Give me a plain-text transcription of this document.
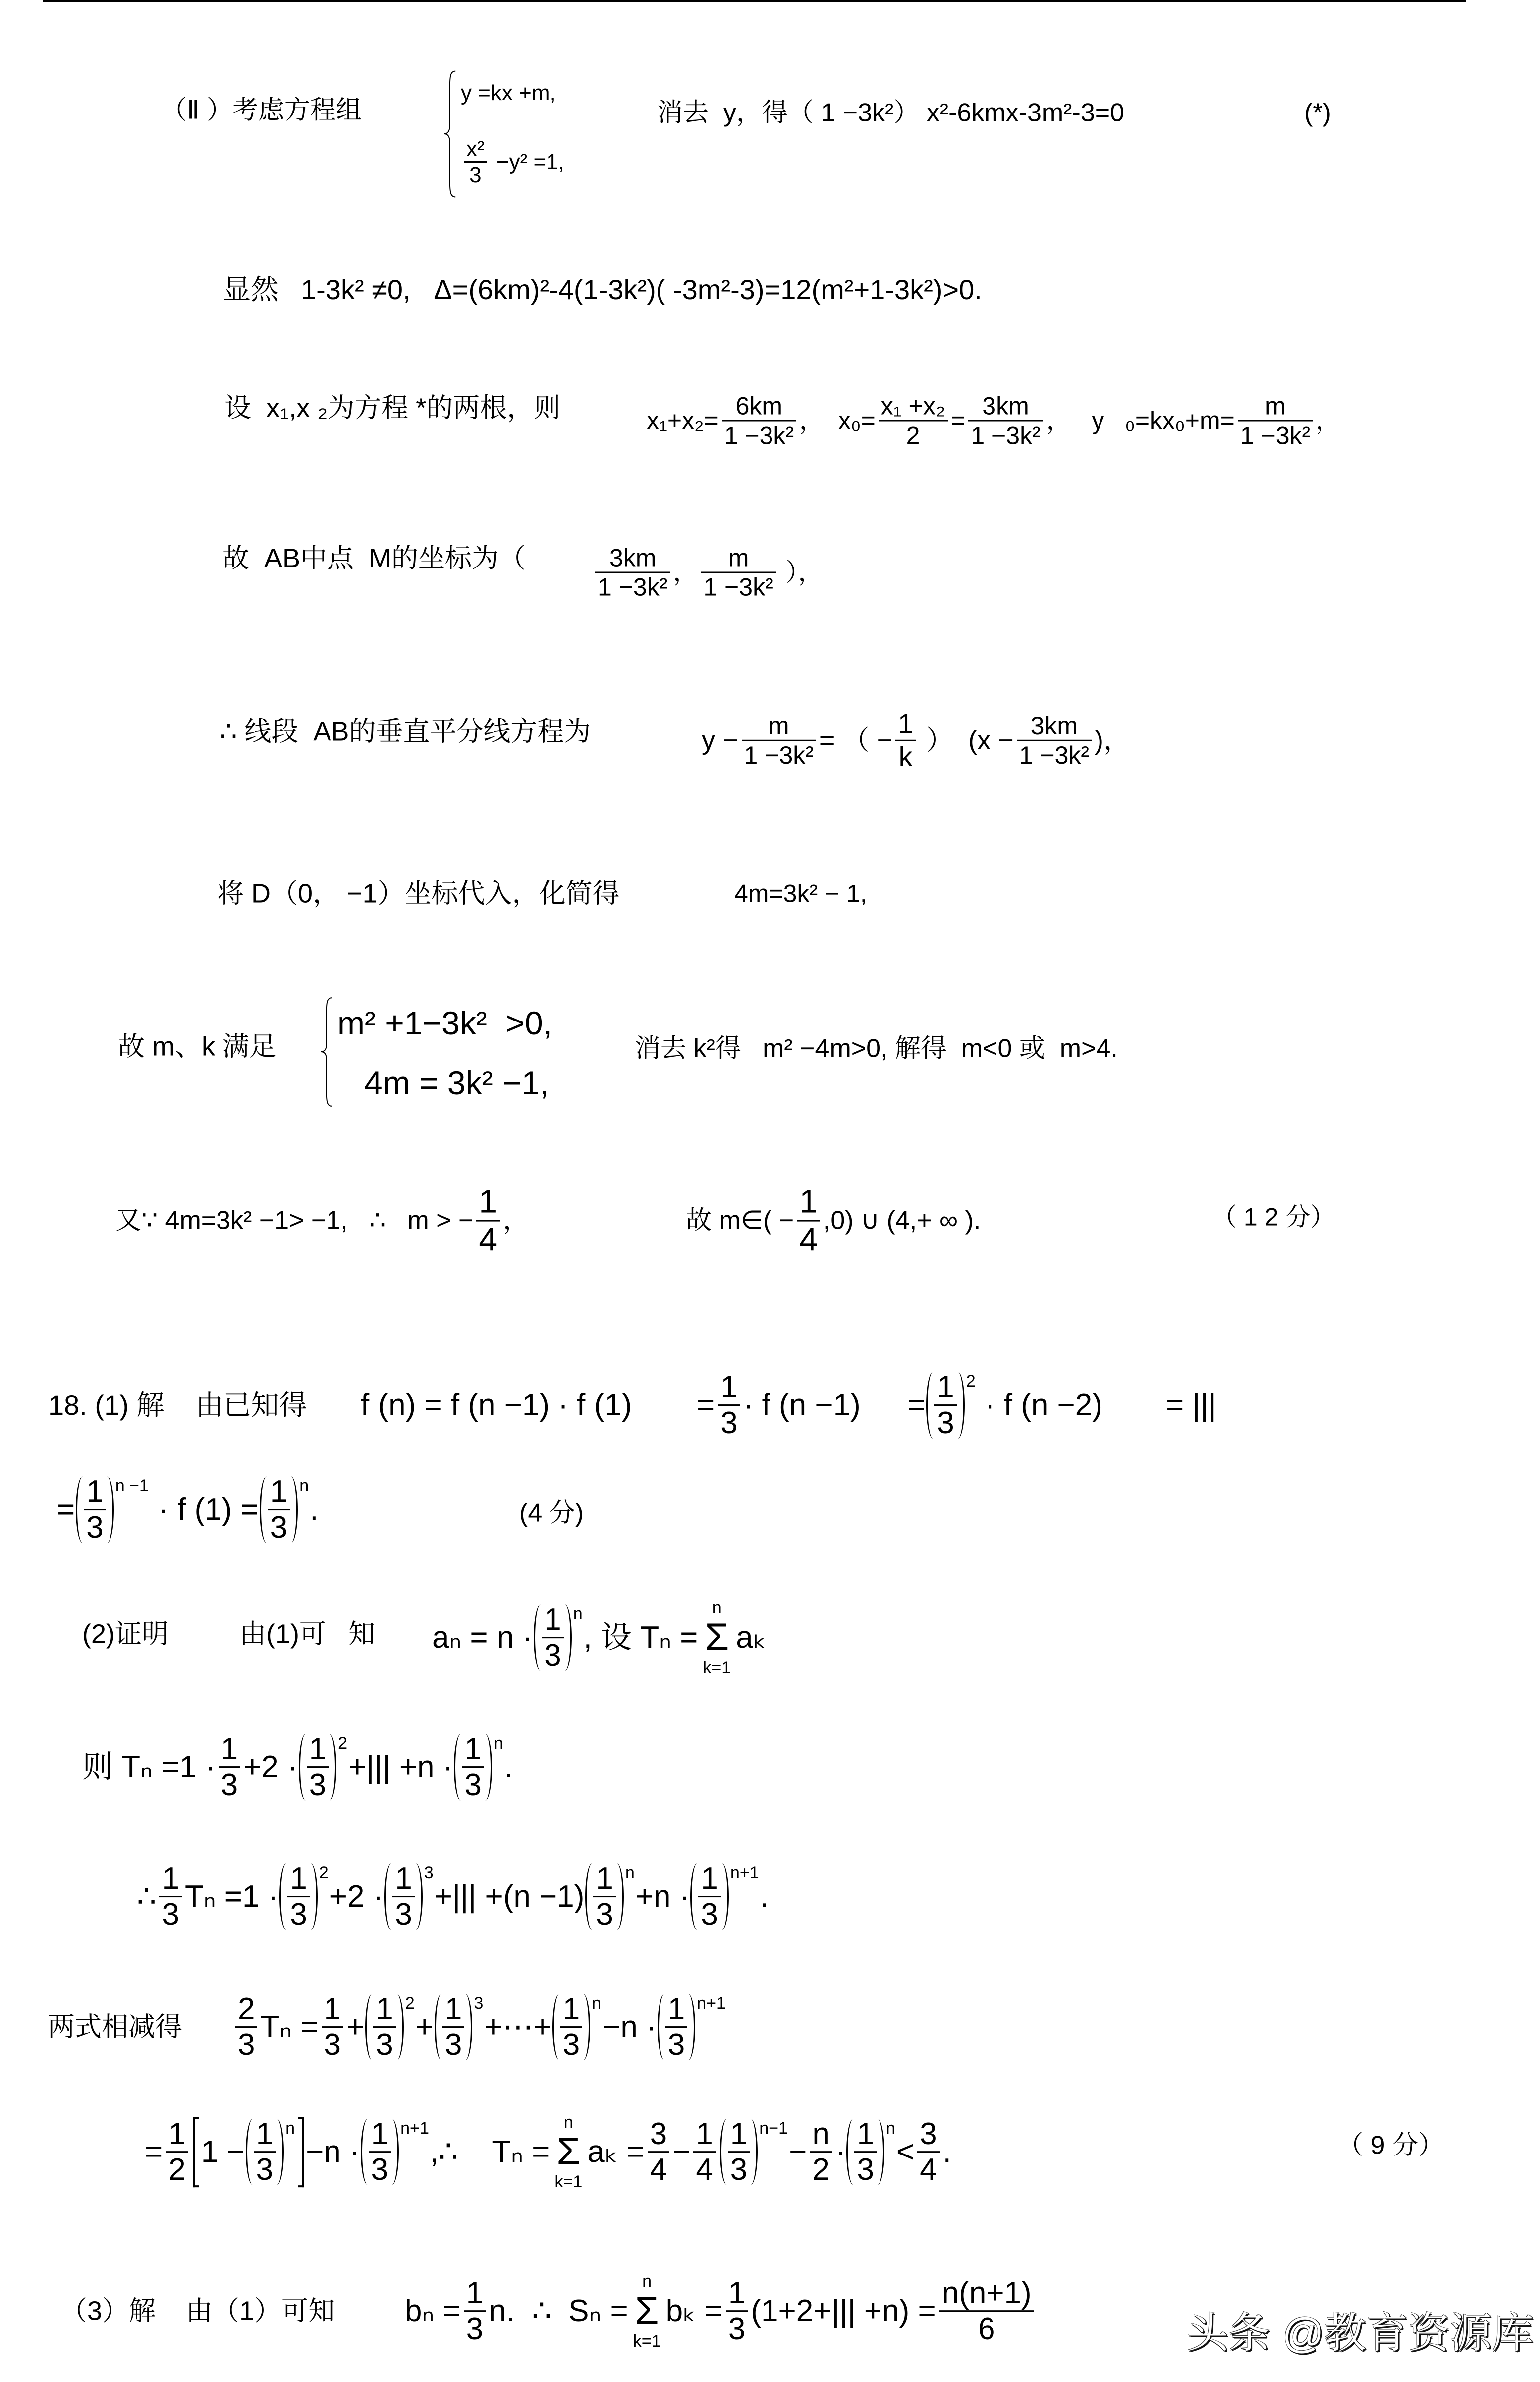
（Ⅱ ）考虑方程组
y =kx +m,
$\frac{\text{x²}}{3} -y^2 =1$,
消去  y，得（ 1 −3k²） x²-6kmx-3m²-3=0	(*)
显然 1-3k² ≠0,   Δ=(6km)²-4(1-3k²)( -3m²-3)=12(m²+1-3k²)>0.
设  x₁,x ₂为方程 *的两根，则	$x_1+x_2= \frac{6km}{\text{1 −3k²}}$ ，  $x_0= \frac{\text{x₁ +x₂}}{2} = \frac{3km}{\text{1 −3k²}}$ ，   y   $_0=kx_0+m= \frac{m}{\text{1 −3k²}}$ ，
故  AB中点  M的坐标为（	$\frac{3km}{\text{1 −3k²}}$ ， $\frac{m}{\text{1 −3k²}}$ ），
∴ 线段  AB的垂直平分线方程为	$y - \frac{m}{\text{1 −3k²}}$ = （ − $\frac{1}{k}$ ） ($x - \frac{3km}{\text{1 −3k²}}$ )，
将 D（0， −1）坐标代入，化简得	4m=3k² − 1,
故 m、k 满足
m² +1−3k²  >0,
4m = 3k² −1,
消去 k²得   m² −4m>0, 解得  m<0 或  m>4.
又∵ 4m=3k² −1> −1,   ∴   m > − $\frac{1}{4}$ ，	故 m∈( − $\frac{1}{4} ,0$) ∪ (4,+ ∞ ).	（ 1 2 分）
18. (1) 解    由已知得 f (n) = f (n −1) · f $(1) = \frac{1}{3} \cdot f$ $(n -1) = \frac{1}{3} 2$
· f (n −2) = |||
= $\frac{1}{3}$ n −1
· f $(1) = \frac{1}{3}$ n
.	(4 分)
(2)证明	由(1)可   知 $a_n = n \cdot \frac{1}{3}$ n
, 设 Tₙ =
n
Σ
k=1
aₖ
则 $T_n =1 \cdot \frac{1}{3} +2 \cdot \frac{1}{3} 2$
+||| $+n \cdot \frac{1}{3}$ n
.
∴ $\frac{1}{3}$ $T_n =1 \cdot \frac{1}{3} 2$
$+2 \cdot \frac{1}{3} 3$
+||| $+(n -1) \frac{1}{3}$ n
$+n \cdot \frac{1}{3} n+1$
.
两式相减得 $\frac{2}{3}$ $T_n = \frac{1}{3} + \frac{1}{3} 2$
+ $\frac{1}{3} 3$
+⋯+ $\frac{1}{3}$ n
$-n \cdot \frac{1}{3} n+1$
= $\frac{1}{2} 1 - \frac{1}{3}$ n
$-n \cdot \frac{1}{3} n+1$
,∴    Tₙ =
n
Σ
k=1
$a_k = \frac{3}{4} - \frac{1}{4} \frac{1}{3} n-1$
− $\frac{n}{2} \cdot \frac{1}{3}$ n
< $\frac{3}{4}$ .	（ 9 分）
（3）解    由（1）可知 $b_n = \frac{1}{3} n$.  ∴  Sₙ =
n
Σ
k=1
$b_k = \frac{1}{3} (1+2+||| +n) = \frac{n(n+1)}{6}$	头条 @教育资源库
